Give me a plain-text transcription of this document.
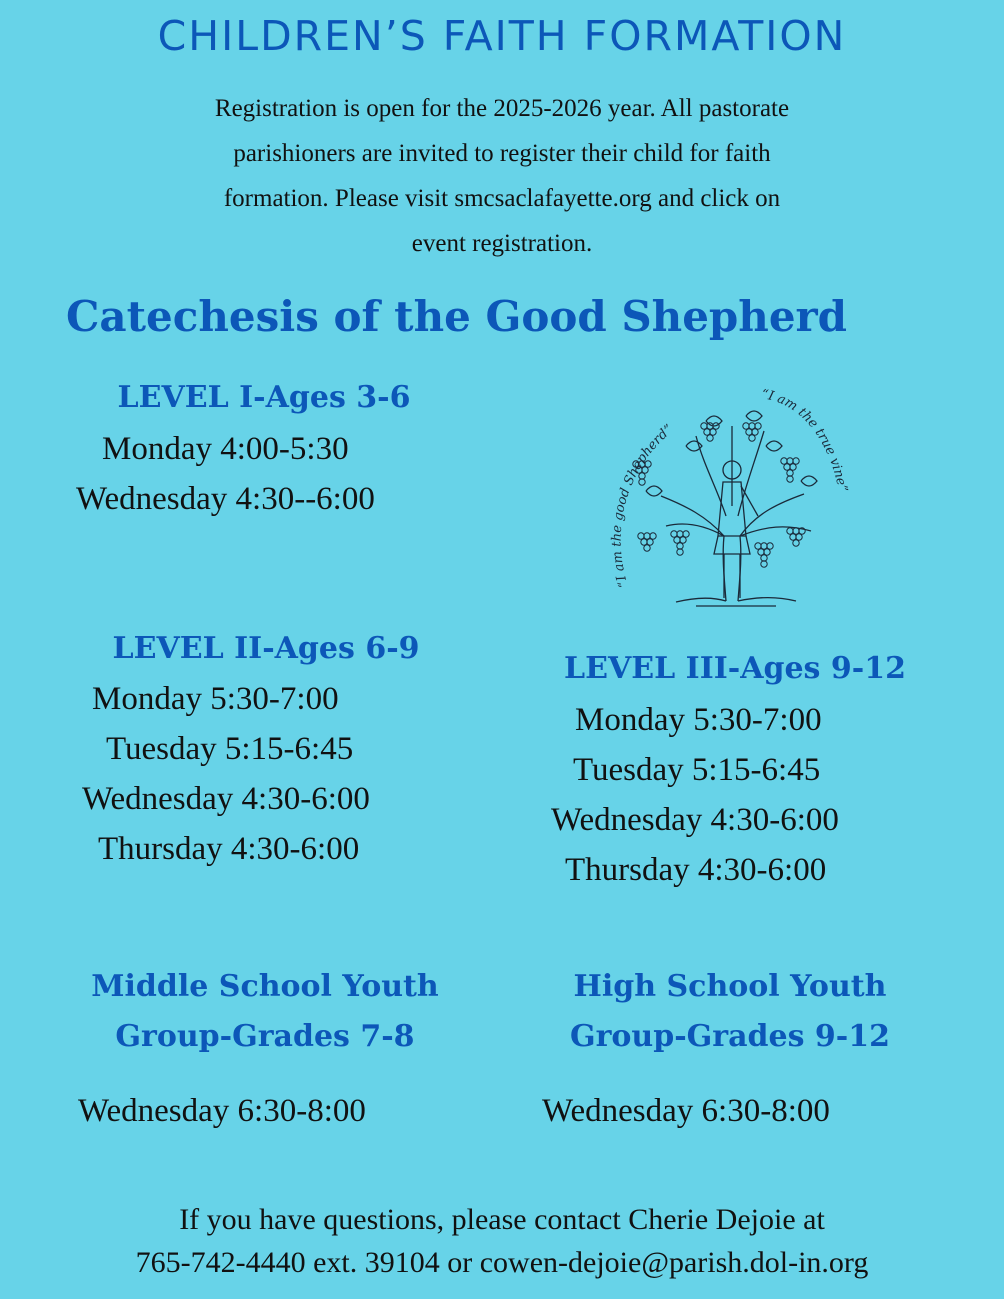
CHILDREN’S FAITH FORMATION
Registration is open for the 2025-2026 year. All pastorate
parishioners are invited to register their child for faith
formation. Please visit smcsaclafayette.org and click on
event registration.
Catechesis of the Good Shepherd
LEVEL I-Ages 3-6
Monday 4:00-5:30
Wednesday 4:30--6:00
“I am the good Shepherd”
“I am the true vine”
LEVEL II-Ages 6-9
Monday 5:30-7:00
Tuesday 5:15-6:45
Wednesday 4:30-6:00
Thursday 4:30-6:00
LEVEL III-Ages 9-12
Monday 5:30-7:00
Tuesday 5:15-6:45
Wednesday 4:30-6:00
Thursday 4:30-6:00
Middle School Youth
Group-Grades 7-8
Wednesday 6:30-8:00
High School Youth
Group-Grades 9-12
Wednesday 6:30-8:00
If you have questions, please contact Cherie Dejoie at
765-742-4440 ext. 39104 or cowen-dejoie@parish.dol-in.org
